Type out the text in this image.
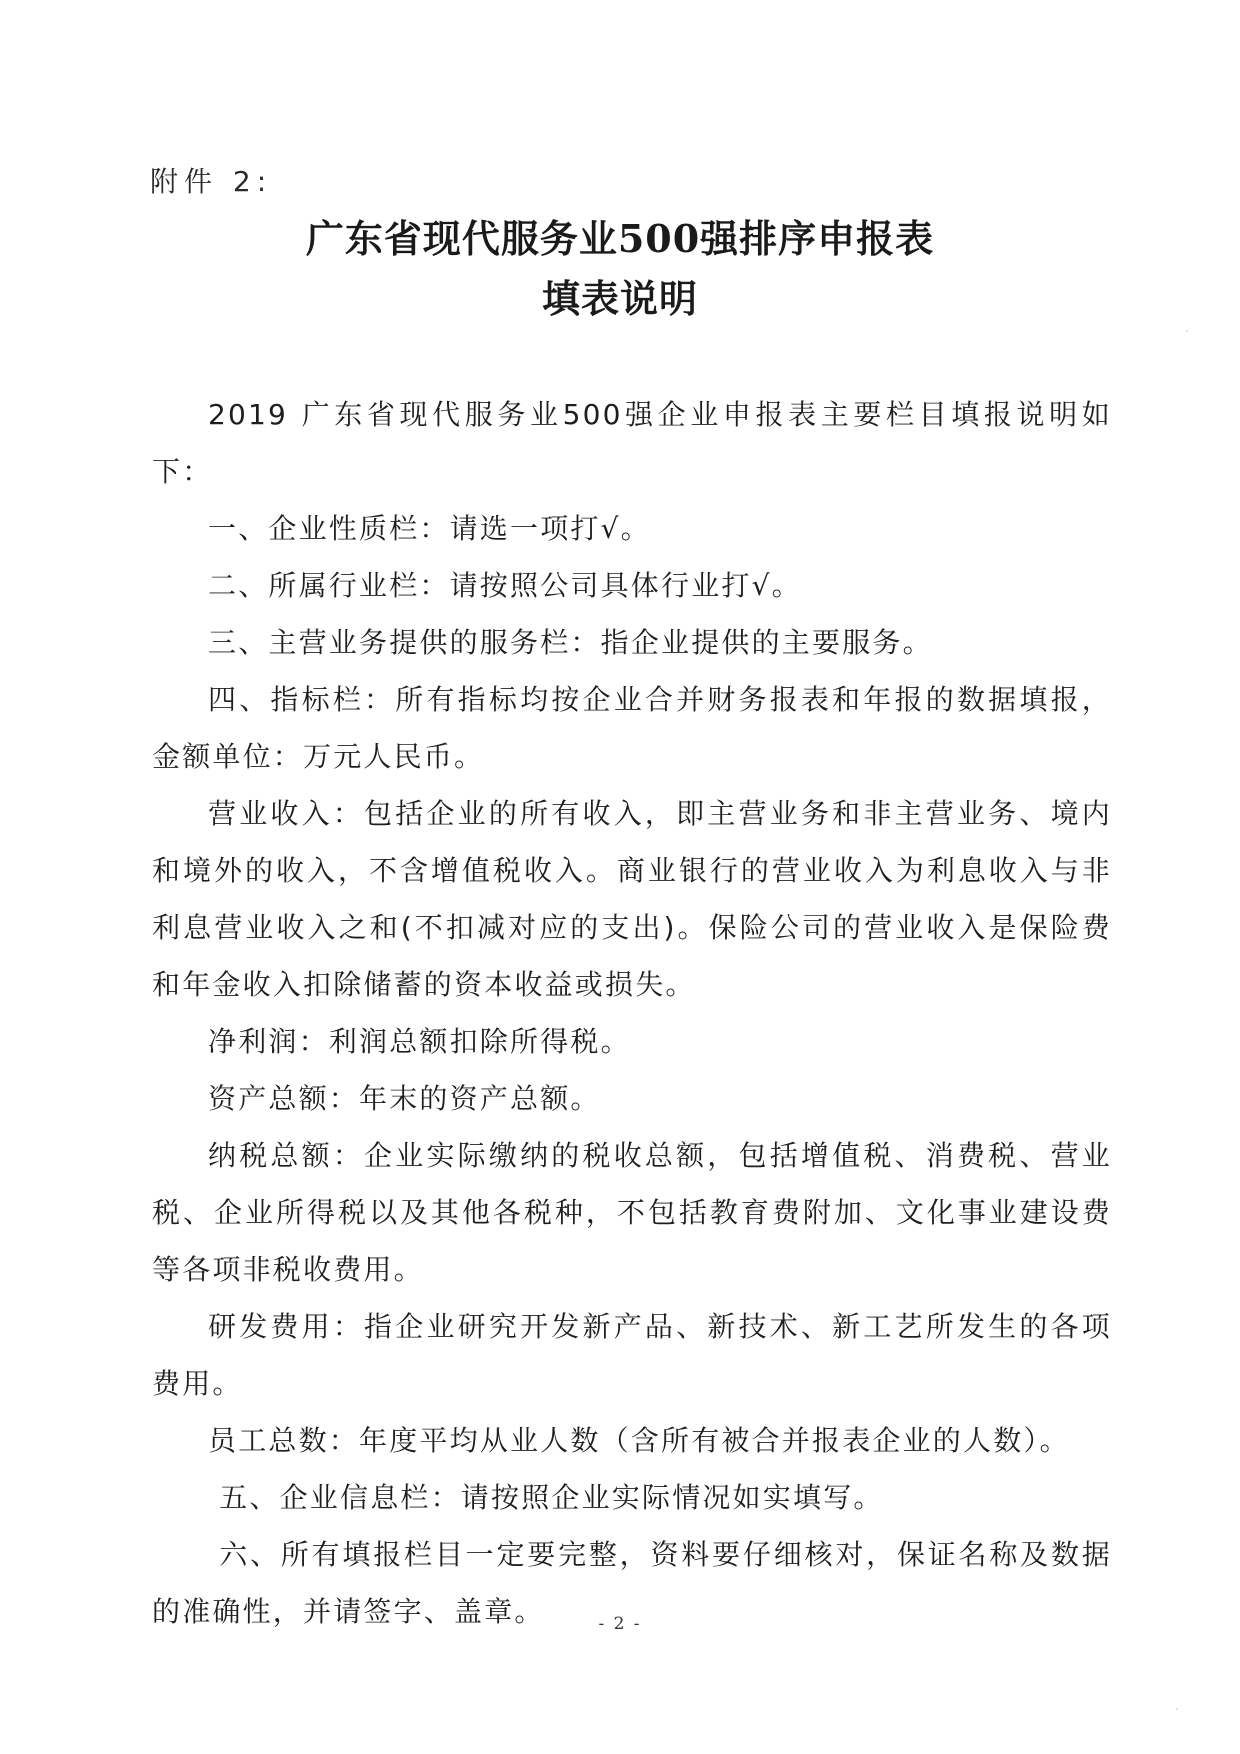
附件 2:
广东省现代服务业500强排序申报表
填表说明

2019 广东省现代服务业500强企业申报表主要栏目填报说明如下：

一、企业性质栏：请选一项打√。

二、所属行业栏：请按照公司具体行业打√。

三、主营业务提供的服务栏：指企业提供的主要服务。

四、指标栏：所有指标均按企业合并财务报表和年报的数据填报，金额单位：万元人民币。

营业收入：包括企业的所有收入，即主营业务和非主营业务、境内和境外的收入，不含增值税收入。商业银行的营业收入为利息收入与非利息营业收入之和(不扣减对应的支出)。保险公司的营业收入是保险费和年金收入扣除储蓄的资本收益或损失。

净利润：利润总额扣除所得税。

资产总额：年末的资产总额。

纳税总额：企业实际缴纳的税收总额，包括增值税、消费税、营业税、企业所得税以及其他各税种，不包括教育费附加、文化事业建设费等各项非税收费用。

研发费用：指企业研究开发新产品、新技术、新工艺所发生的各项费用。

员工总数：年度平均从业人数（含所有被合并报表企业的人数）。

五、企业信息栏：请按照企业实际情况如实填写。

六、所有填报栏目一定要完整，资料要仔细核对，保证名称及数据的准确性，并请签字、盖章。	- 2 -
